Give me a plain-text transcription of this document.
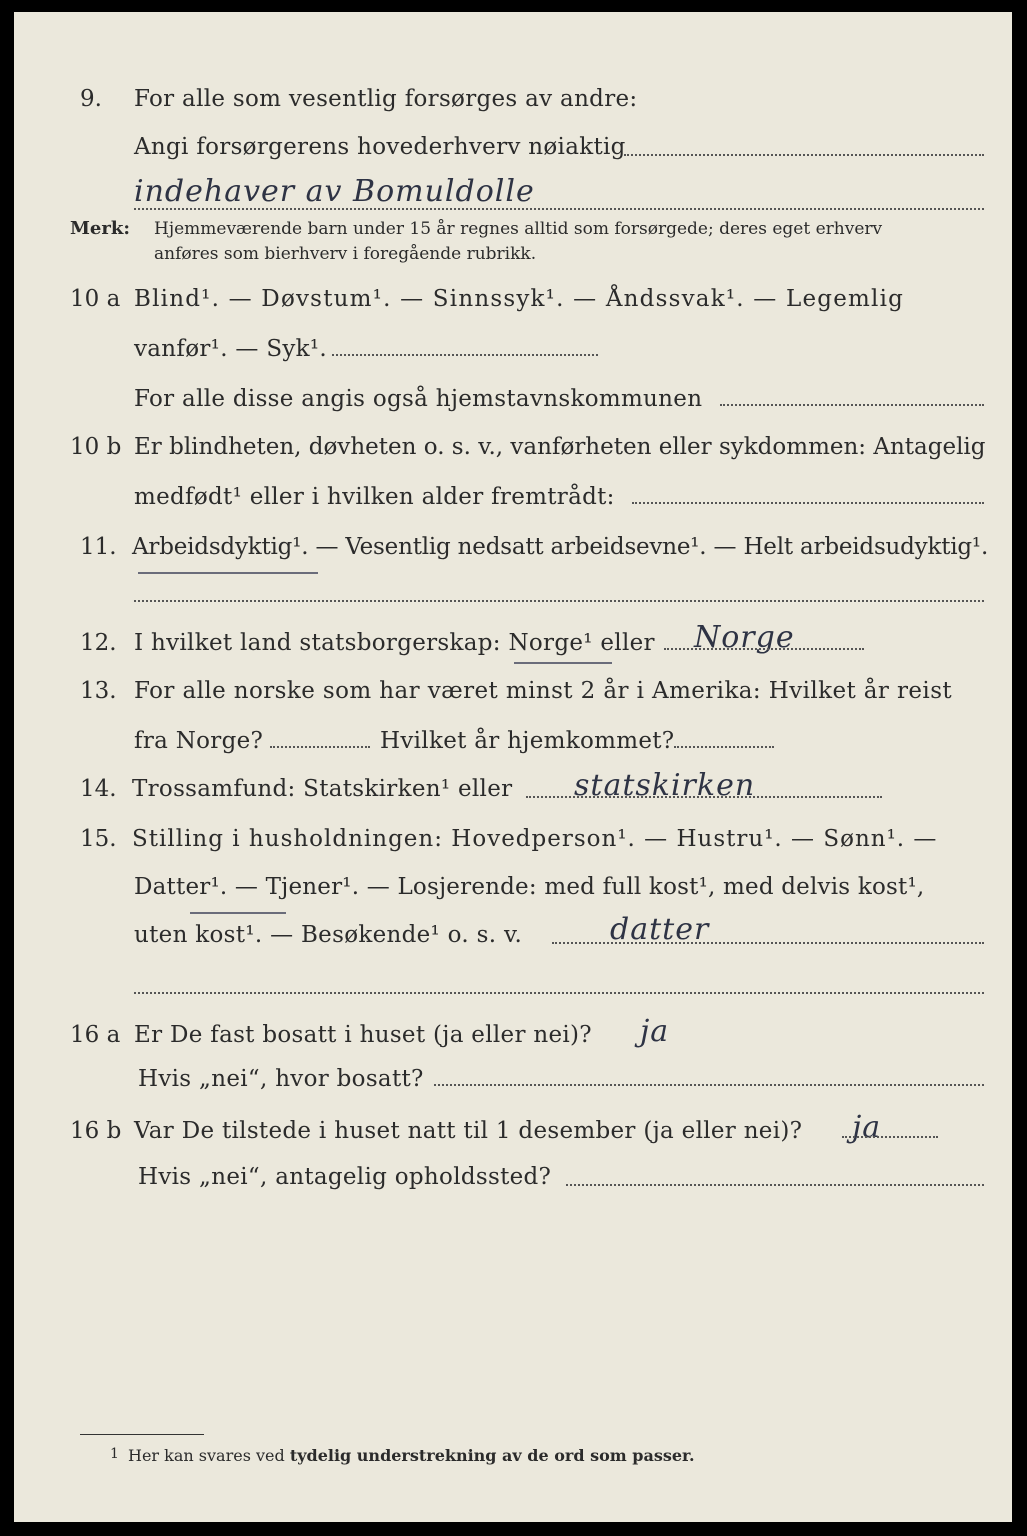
9. For alle som vesentlig forsørges av andre:
Angi forsørgerens hovederhverv nøiaktig
indehaver av Bomuldolle
Merk: Hjemmeværende barn under 15 år regnes alltid som forsørgede; deres eget erhverv
anføres som bierhverv i foregående rubrikk.
10 a Blind¹. — Døvstum¹. — Sinnssyk¹. — Åndssvak¹. — Legemlig
vanfør¹. — Syk¹.
For alle disse angis også hjemstavnskommunen
10 b Er blindheten, døvheten o. s. v., vanførheten eller sykdommen: Antagelig
medfødt¹ eller i hvilken alder fremtrådt:
11. Arbeidsdyktig¹. — Vesentlig nedsatt arbeidsevne¹. — Helt arbeidsudyktig¹.
12. I hvilket land statsborgerskap: Norge¹ eller Norge
13. For alle norske som har været minst 2 år i Amerika: Hvilket år reist
fra Norge?	Hvilket år hjemkommet?
14. Trossamfund: Statskirken¹ eller statskirken
15. Stilling i husholdningen: Hovedperson¹. — Hustru¹. — Sønn¹. —
Datter¹. — Tjener¹. — Losjerende: med full kost¹, med delvis kost¹,
uten kost¹. — Besøkende¹ o. s. v.	datter
16 a Er De fast bosatt i huset (ja eller nei)? ja
Hvis „nei“, hvor bosatt?
16 b Var De tilstede i huset natt til 1 desember (ja eller nei)? ja
Hvis „nei“, antagelig opholdssted?
1 Her kan svares ved tydelig understrekning av de ord som passer.
